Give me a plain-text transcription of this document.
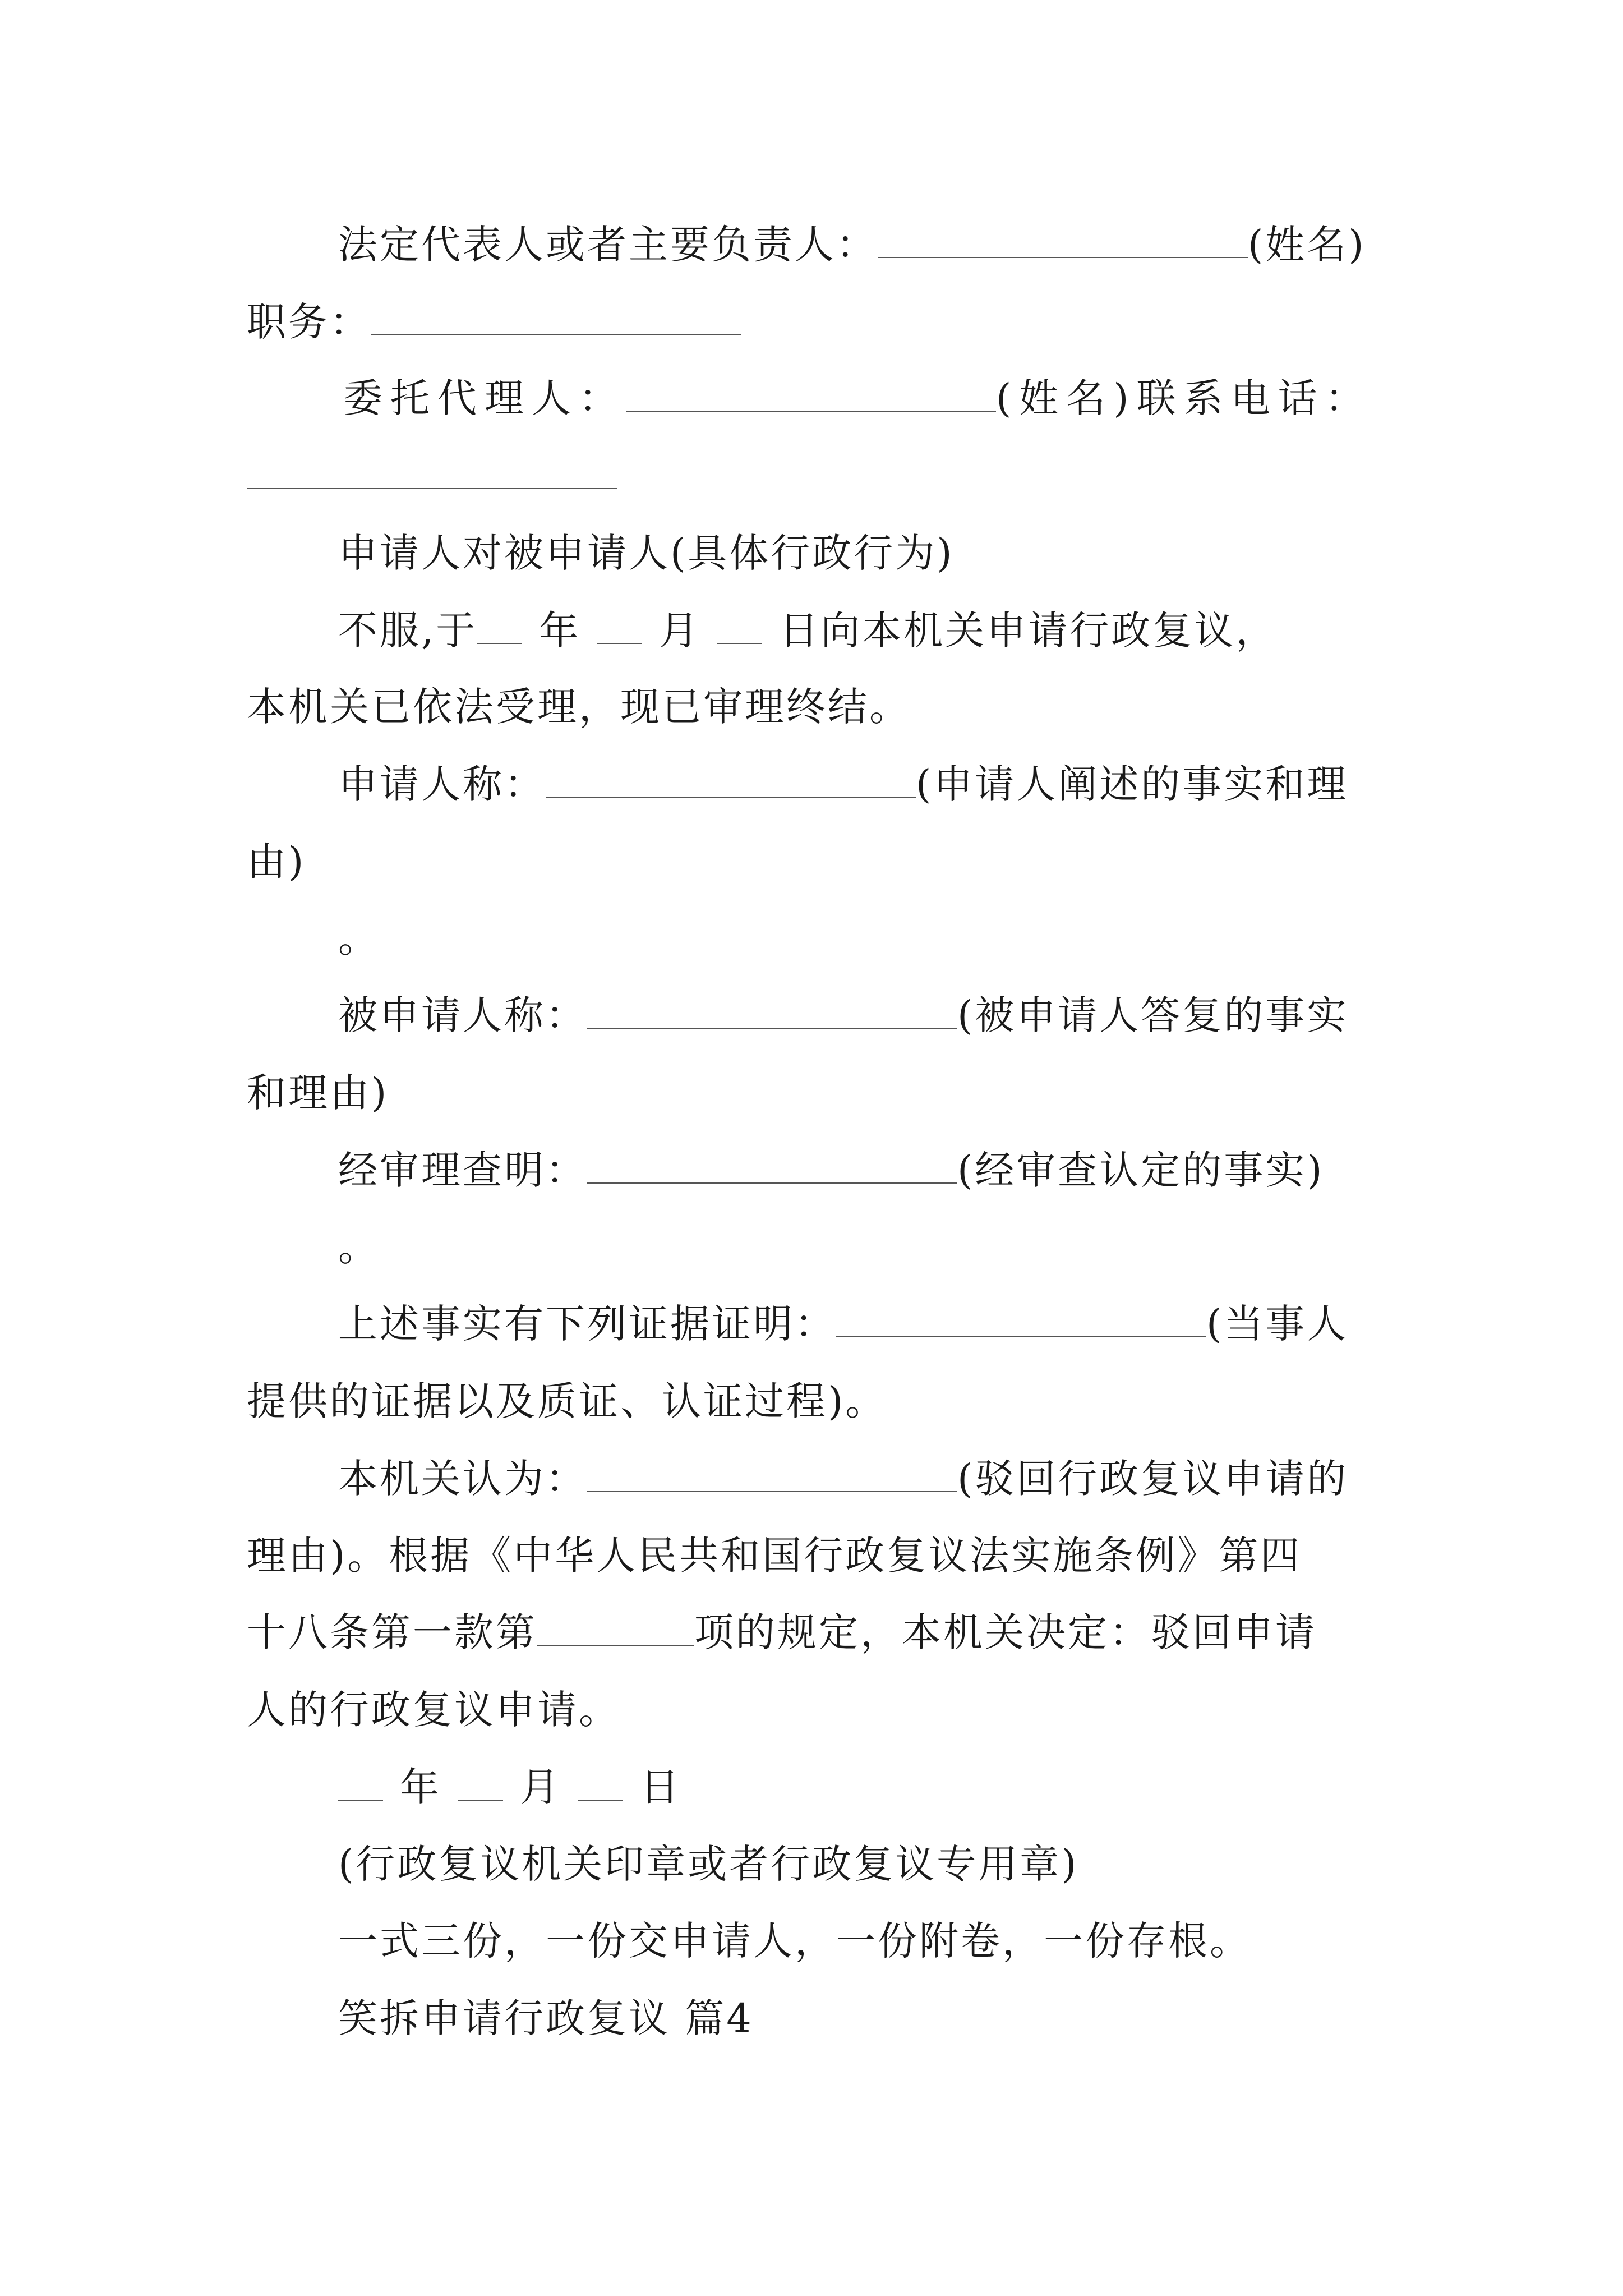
法定代表人或者主要负责人：	(姓名)
职务：
委托代理人：	(姓名)联系电话：
申请人对被申请人(具体行政行为)
不服,于 年 月 日向本机关申请行政复议，
本机关已依法受理，现已审理终结。
申请人称：	(申请人阐述的事实和理
由)
。
被申请人称：	(被申请人答复的事实
和理由)
经审理查明：	(经审查认定的事实)
。
上述事实有下列证据证明：	(当事人
提供的证据以及质证、认证过程)。
本机关认为：	(驳回行政复议申请的
理由)。根据《中华人民共和国行政复议法实施条例》第四
十八条第一款第	项的规定，本机关决定：驳回申请
人的行政复议申请。
年 月 日
(行政复议机关印章或者行政复议专用章)
一式三份，一份交申请人，一份附卷，一份存根。
笑拆申请行政复议 篇4
